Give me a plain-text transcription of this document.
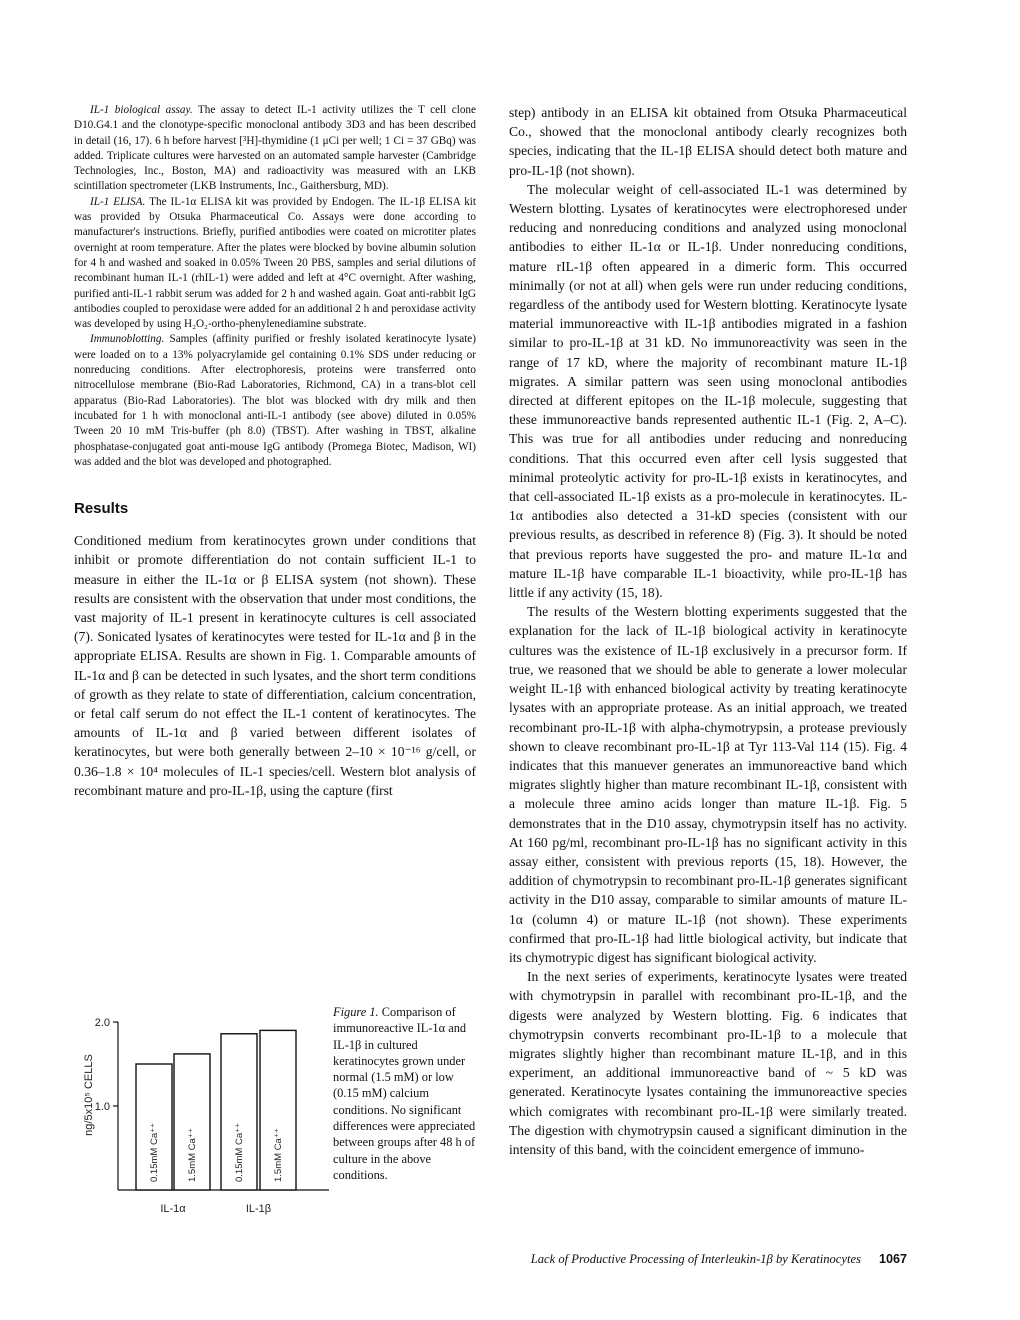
IL-1 biological assay. The assay to detect IL-1 activity utilizes the T cell clone D10.G4.1 and the clonotype-specific monoclonal antibody 3D3 and has been described in detail (16, 17). 6 h before harvest [³H]-thymidine (1 μCi per well; 1 Ci = 37 GBq) was added. Triplicate cultures were harvested on an automated sample harvester (Cambridge Technologies, Inc., Boston, MA) and radioactivity was measured with an LKB scintillation spectrometer (LKB Instruments, Inc., Gaithersburg, MD).

IL-1 ELISA. The IL-1α ELISA kit was provided by Endogen. The IL-1β ELISA kit was provided by Otsuka Pharmaceutical Co. Assays were done according to manufacturer's instructions. Briefly, purified antibodies were coated on microtiter plates overnight at room temperature. After the plates were blocked by bovine albumin solution for 4 h and washed and soaked in 0.05% Tween 20 PBS, samples and serial dilutions of recombinant human IL-1 (rhIL-1) were added and left at 4°C overnight. After washing, purified anti-IL-1 rabbit serum was added for 2 h and washed again. Goat anti-rabbit IgG antibodies coupled to peroxidase were added for an additional 2 h and peroxidase activity was developed by using H₂O₂-ortho-phenylenediamine substrate.

Immunoblotting. Samples (affinity purified or freshly isolated keratinocyte lysate) were loaded on to a 13% polyacrylamide gel containing 0.1% SDS under reducing or nonreducing conditions. After electrophoresis, proteins were transferred onto nitrocellulose membrane (Bio-Rad Laboratories, Richmond, CA) in a trans-blot cell apparatus (Bio-Rad Laboratories). The blot was blocked with dry milk and then incubated for 1 h with monoclonal anti-IL-1 antibody (see above) diluted in 0.05% Tween 20 10 mM Tris-buffer (ph 8.0) (TBST). After washing in TBST, alkaline phosphatase-conjugated goat anti-mouse IgG antibody (Promega Biotec, Madison, WI) was added and the blot was developed and photographed.

Results

Conditioned medium from keratinocytes grown under conditions that inhibit or promote differentiation do not contain sufficient IL-1 to measure in either the IL-1α or β ELISA system (not shown). These results are consistent with the observation that under most conditions, the vast majority of IL-1 present in keratinocyte cultures is cell associated (7). Sonicated lysates of keratinocytes were tested for IL-1α and β in the appropriate ELISA. Results are shown in Fig. 1. Comparable amounts of IL-1α and β can be detected in such lysates, and the short term conditions of growth as they relate to state of differentiation, calcium concentration, or fetal calf serum do not effect the IL-1 content of keratinocytes. The amounts of IL-1α and β varied between different isolates of keratinocytes, but were both generally between 2–10 × 10⁻¹⁶ g/cell, or 0.36–1.8 × 10⁴ molecules of IL-1 species/cell. Western blot analysis of recombinant mature and pro-IL-1β, using the capture (first

step) antibody in an ELISA kit obtained from Otsuka Pharmaceutical Co., showed that the monoclonal antibody clearly recognizes both species, indicating that the IL-1β ELISA should detect both mature and pro-IL-1β (not shown).

The molecular weight of cell-associated IL-1 was determined by Western blotting. Lysates of keratinocytes were electrophoresed under reducing and nonreducing conditions and analyzed using monoclonal antibodies to either IL-1α or IL-1β. Under nonreducing conditions, mature rIL-1β often appeared in a dimeric form. This occurred minimally (or not at all) when gels were run under reducing conditions, regardless of the antibody used for Western blotting. Keratinocyte lysate material immunoreactive with IL-1β antibodies migrated in a fashion similar to pro-IL-1β at 31 kD. No immunoreactivity was seen in the range of 17 kD, where the majority of recombinant mature IL-1β migrates. A similar pattern was seen using monoclonal antibodies directed at different epitopes on the IL-1β molecule, suggesting that these immunoreactive bands represented authentic IL-1 (Fig. 2, A–C). This was true for all antibodies under reducing and nonreducing conditions. That this occurred even after cell lysis suggested that minimal proteolytic activity for pro-IL-1β exists in keratinocytes, and that cell-associated IL-1β exists as a pro-molecule in keratinocytes. IL-1α antibodies also detected a 31-kD species (consistent with our previous results, as described in reference 8) (Fig. 3). It should be noted that previous reports have suggested the pro- and mature IL-1α and mature IL-1β have comparable IL-1 bioactivity, while pro-IL-1β has little if any activity (15, 18).

The results of the Western blotting experiments suggested that the explanation for the lack of IL-1β biological activity in keratinocyte cultures was the existence of IL-1β exclusively in a precursor form. If true, we reasoned that we should be able to generate a lower molecular weight IL-1β with enhanced biological activity by treating keratinocyte lysates with an appropriate protease. As an initial approach, we treated recombinant pro-IL-1β with alpha-chymotrypsin, a protease previously shown to cleave recombinant pro-IL-1β at Tyr 113-Val 114 (15). Fig. 4 indicates that this manuever generates an immunoreactive band which migrates slightly higher than mature recombinant IL-1β, consistent with a molecule three amino acids longer than mature IL-1β. Fig. 5 demonstrates that in the D10 assay, chymotrypsin itself has no activity. At 160 pg/ml, recombinant pro-IL-1β has no significant activity in this assay either, consistent with previous reports (15, 18). However, the addition of chymotrypsin to recombinant pro-IL-1β generates significant activity in the D10 assay, comparable to similar amounts of mature IL-1α (column 4) or mature IL-1β (not shown). These experiments confirmed that pro-IL-1β had little biological activity, but indicate that its chymotrypic digest has significant biological activity.

In the next series of experiments, keratinocyte lysates were treated with chymotrypsin in parallel with recombinant pro-IL-1β, and the digests were analyzed by Western blotting. Fig. 6 indicates that chymotrypsin converts recombinant pro-IL-1β to a molecule that migrates slightly higher than recombinant mature IL-1β, and in this experiment, an additional immunoreactive band of ~ 5 kD was generated. Keratinocyte lysates containing the immunoreactive species which comigrates with recombinant pro-IL-1β were similarly treated. The digestion with chymotrypsin caused a significant diminution in the intensity of this band, with the coincident emergence of immuno-

ng/5x10⁵ CELLS
2.0
1.0
0.15mM Ca⁺⁺	1.5mM Ca⁺⁺	0.15mM Ca⁺⁺	1.5mM Ca⁺⁺
IL-1α	IL-1β
Figure 1. Comparison of immunoreactive IL-1α and IL-1β in cultured keratinocytes grown under normal (1.5 mM) or low (0.15 mM) calcium conditions. No significant differences were appreciated between groups after 48 h of culture in the above conditions.
Lack of Productive Processing of Interleukin-1β by Keratinocytes 1067
